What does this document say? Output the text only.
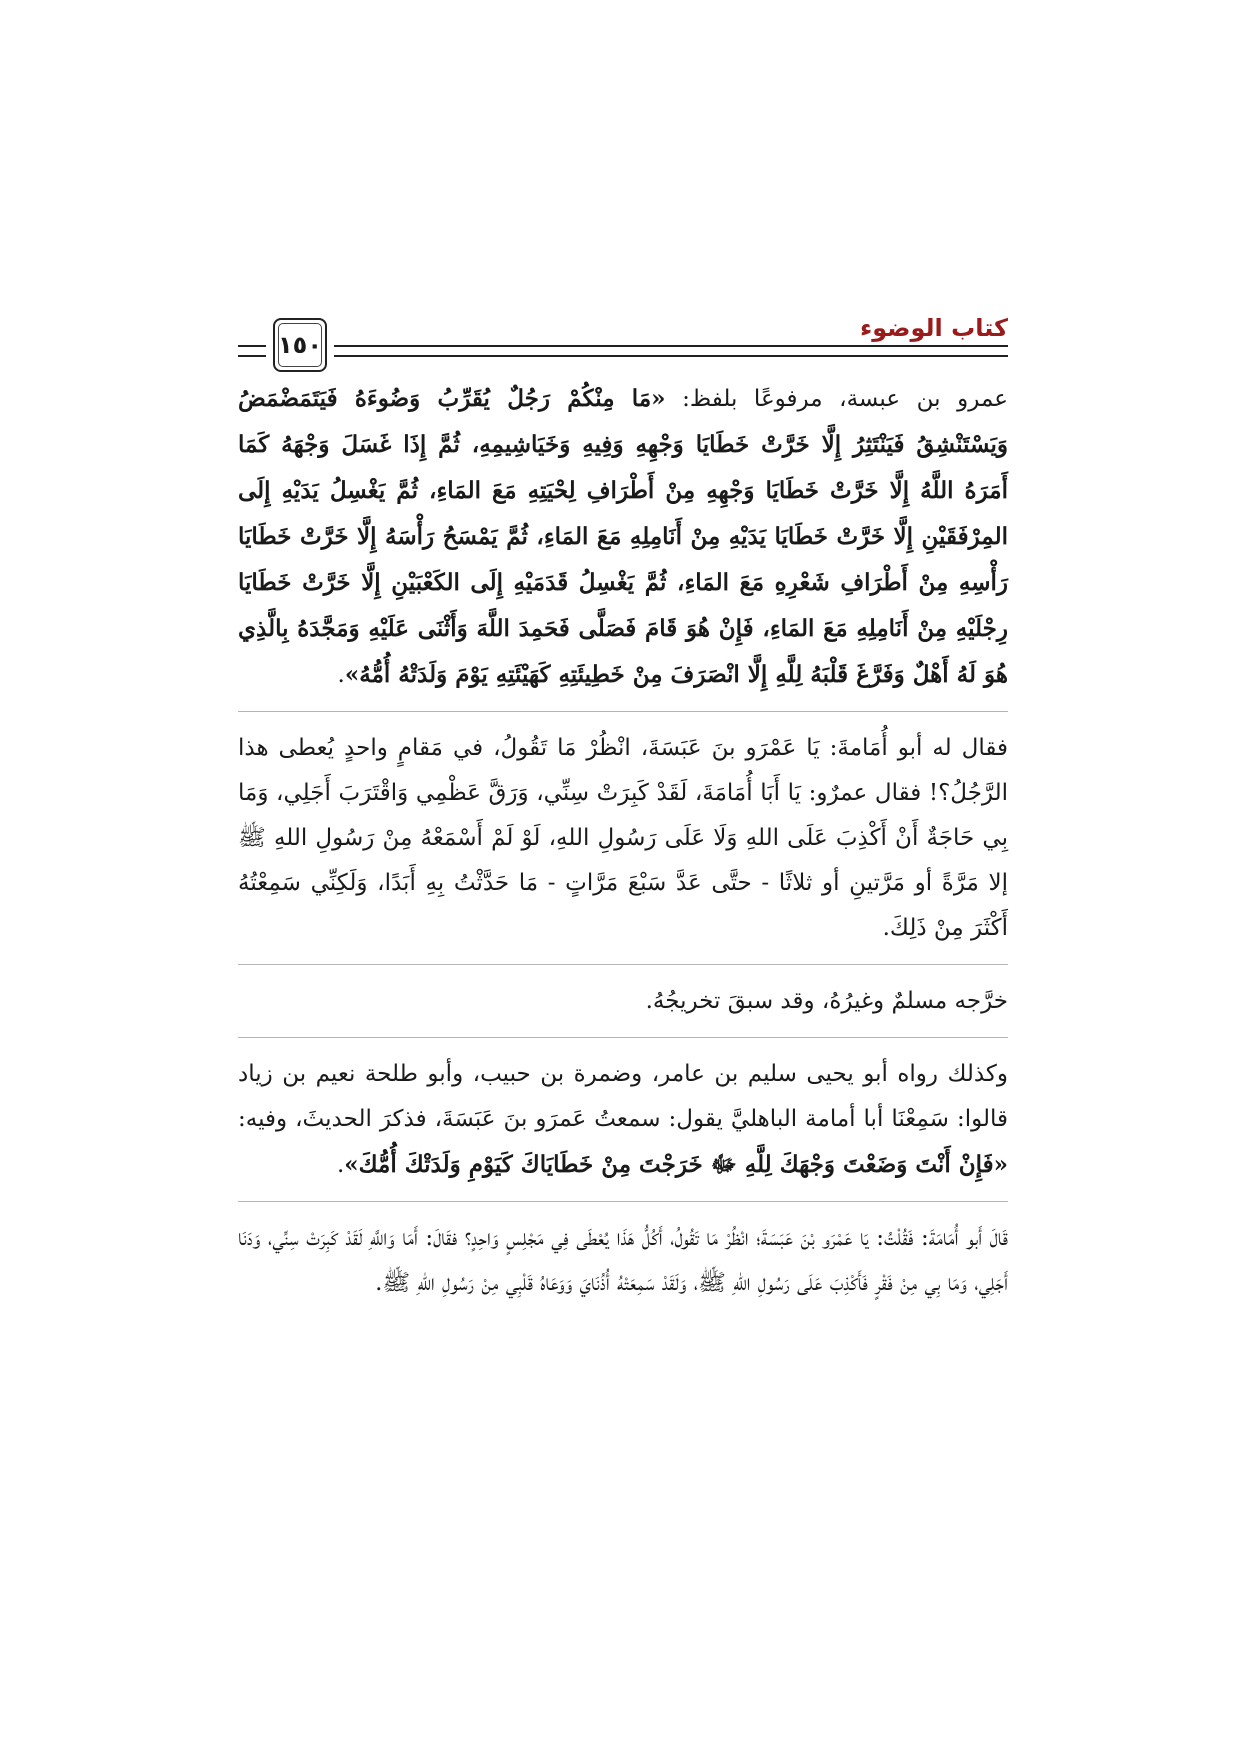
١٥٠
كتاب الوضوء

عمرو بن عبسة، مرفوعًا بلفظ: «مَا مِنْكُمْ رَجُلٌ يُقَرِّبُ وَضُوءَهُ فَيَتَمَضْمَضُ وَيَسْتَنْشِقُ فَيَنْتَثِرُ إِلَّا خَرَّتْ خَطَايَا وَجْهِهِ وَفِيهِ وَخَيَاشِيمِهِ، ثُمَّ إِذَا غَسَلَ وَجْهَهُ كَمَا أَمَرَهُ اللَّهُ إِلَّا خَرَّتْ خَطَايَا وَجْهِهِ مِنْ أَطْرَافِ لِحْيَتِهِ مَعَ المَاءِ، ثُمَّ يَغْسِلُ يَدَيْهِ إِلَى المِرْفَقَيْنِ إِلَّا خَرَّتْ خَطَايَا يَدَيْهِ مِنْ أَنَامِلِهِ مَعَ المَاءِ، ثُمَّ يَمْسَحُ رَأْسَهُ إِلَّا خَرَّتْ خَطَايَا رَأْسِهِ مِنْ أَطْرَافِ شَعْرِهِ مَعَ المَاءِ، ثُمَّ يَغْسِلُ قَدَمَيْهِ إِلَى الكَعْبَيْنِ إِلَّا خَرَّتْ خَطَايَا رِجْلَيْهِ مِنْ أَنَامِلِهِ مَعَ المَاءِ، فَإِنْ هُوَ قَامَ فَصَلَّى فَحَمِدَ اللَّهَ وَأَثْنَى عَلَيْهِ وَمَجَّدَهُ بِالَّذِي هُوَ لَهُ أَهْلٌ وَفَرَّغَ قَلْبَهُ لِلَّهِ إِلَّا انْصَرَفَ مِنْ خَطِيئَتِهِ كَهَيْئَتِهِ يَوْمَ وَلَدَتْهُ أُمُّهُ».

فقال له أبو أُمَامةَ: يَا عَمْرَو بنَ عَبَسَةَ، انْظُرْ مَا تَقُولُ، في مَقامٍ واحدٍ يُعطى هذا الرَّجُلُ؟! فقال عمرٌو: يَا أَبَا أُمَامَةَ، لَقَدْ كَبِرَتْ سِنِّي، وَرَقَّ عَظْمِي وَاقْتَرَبَ أَجَلِي، وَمَا بِي حَاجَةٌ أَنْ أَكْذِبَ عَلَى اللهِ وَلَا عَلَى رَسُولِ اللهِ، لَوْ لَمْ أَسْمَعْهُ مِنْ رَسُولِ اللهِ ﷺ إلا مَرَّةً أو مَرَّتينِ أو ثلاثًا - حتَّى عَدَّ سَبْعَ مَرَّاتٍ - مَا حَدَّثْتُ بِهِ أَبَدًا، وَلَكِنِّي سَمِعْتُهُ أَكْثَرَ مِنْ ذَلِكَ.

خرَّجه مسلمٌ وغيرُهُ، وقد سبقَ تخريجُهُ.

وكذلك رواه أبو يحيى سليم بن عامر، وضمرة بن حبيب، وأبو طلحة نعيم بن زياد قالوا: سَمِعْنَا أبا أمامة الباهليَّ يقول: سمعتُ عَمرَو بنَ عَبَسَةَ، فذكرَ الحديثَ، وفيه: «فَإِنْ أَنْتَ وَضَعْتَ وَجْهَكَ لِلَّهِ ﷻ خَرَجْتَ مِنْ خَطَايَاكَ كَيَوْمِ وَلَدَتْكَ أُمُّكَ».

قَالَ أَبو أُمَامَةَ: فَقُلْتُ: يَا عَمْرَو بْنَ عَبَسَةَ؛ انْظُرْ مَا تَقُولُ، أَكُلُّ هَذَا يُعْطَى فِي مَجْلِسٍ وَاحِدٍ؟ فقَالَ: أَمَا وَاللَّهِ لَقَدْ كَبِرَتْ سِنِّي، وَدَنَا أَجَلِي، وَمَا بِي مِنْ فَقْرٍ فَأَكْذِبَ عَلَى رَسُولِ اللهِ ﷺ، وَلَقَدْ سَمِعَتْهُ أُذُنَايَ وَوَعَاهُ قَلْبِي مِنْ رَسُولِ اللهِ ﷺ.
